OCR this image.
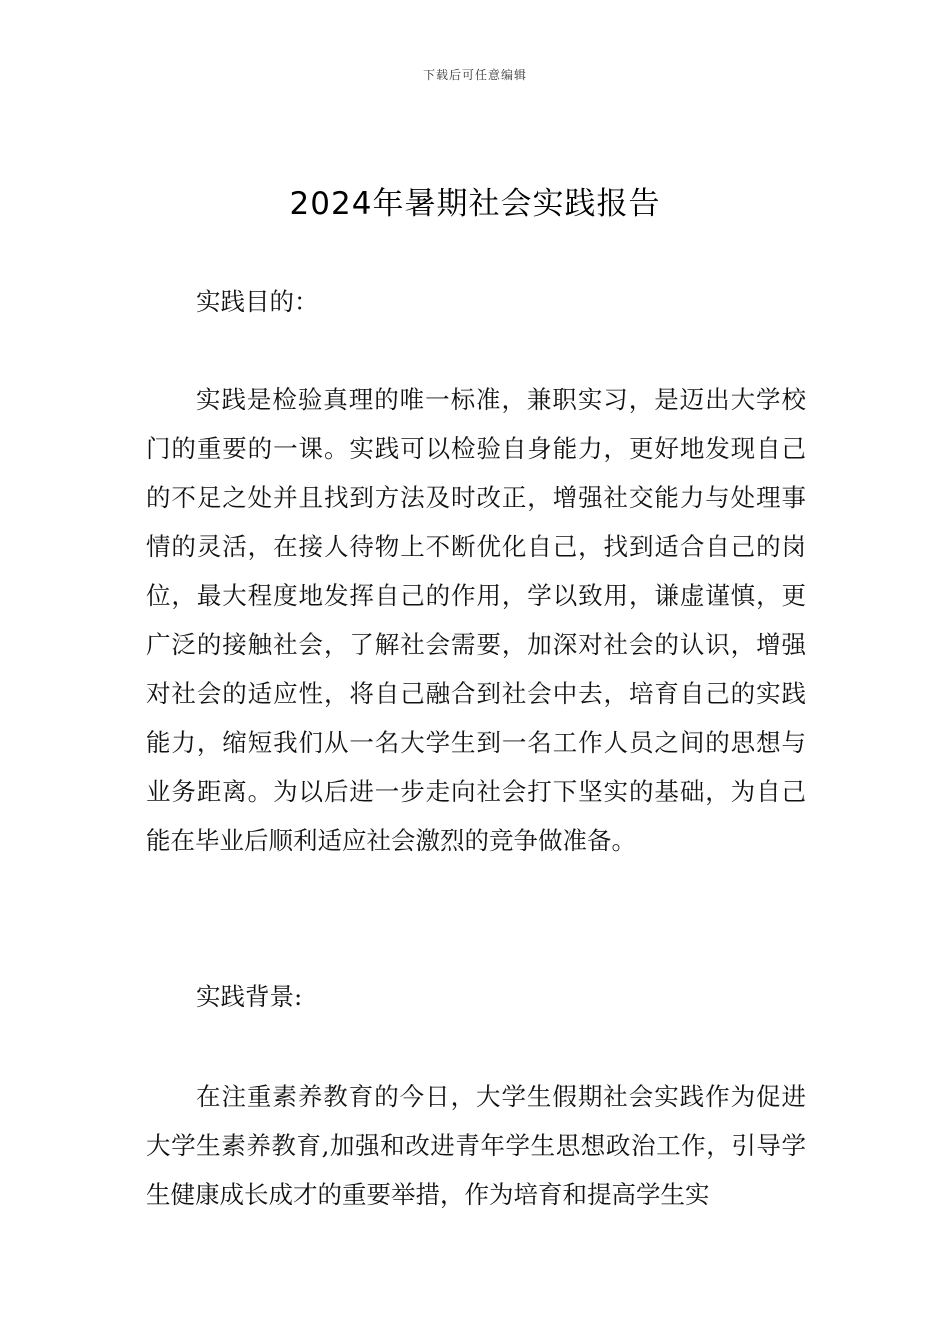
下载后可任意编辑
2024年暑期社会实践报告

实践目的：

实践是检验真理的唯一标准，兼职实习，是迈出大学校门的重要的一课。实践可以检验自身能力，更好地发现自己的不足之处并且找到方法及时改正，增强社交能力与处理事情的灵活，在接人待物上不断优化自己，找到适合自己的岗位，最大程度地发挥自己的作用，学以致用，谦虚谨慎，更广泛的接触社会，了解社会需要，加深对社会的认识，增强对社会的适应性，将自己融合到社会中去，培育自己的实践能力，缩短我们从一名大学生到一名工作人员之间的思想与业务距离。为以后进一步走向社会打下坚实的基础，为自己能在毕业后顺利适应社会激烈的竞争做准备。

实践背景:

在注重素养教育的今日，大学生假期社会实践作为促进大学生素养教育,加强和改进青年学生思想政治工作，引导学生健康成长成才的重要举措，作为培育和提高学生实
